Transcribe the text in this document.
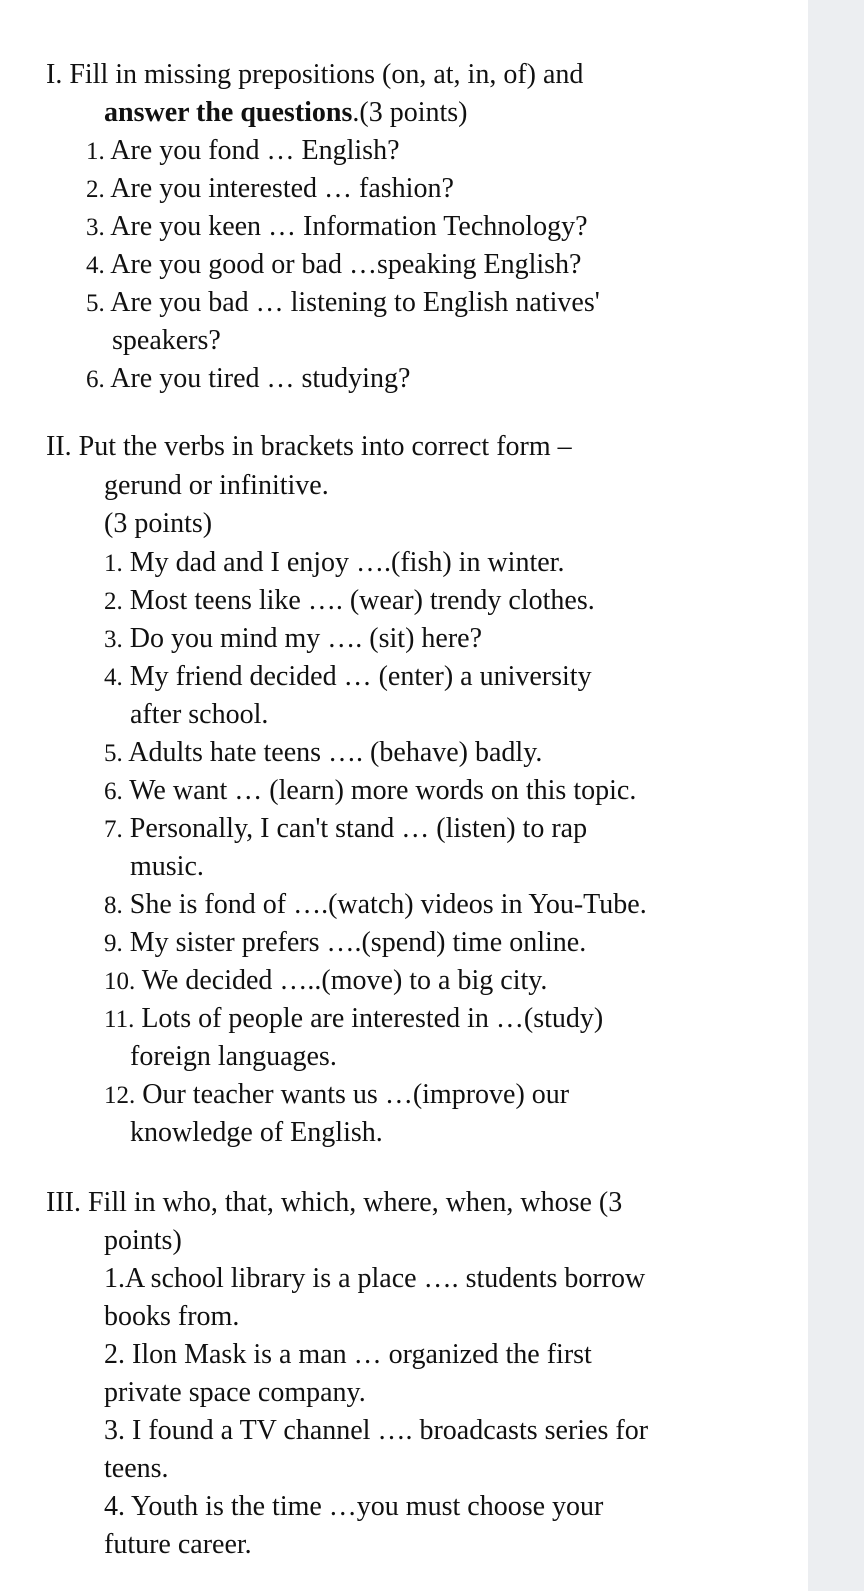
I. Fill in missing prepositions (on, at, in, of) and
answer the questions.(3 points)
1. Are you fond … English?
2. Are you interested … fashion?
3. Are you keen … Information Technology?
4. Are you good or bad …speaking English?
5. Are you bad … listening to English natives'
speakers?
6. Are you tired … studying?
II. Put the verbs in brackets into correct form –
gerund or infinitive.
(3 points)
1. My dad and I enjoy ….(fish) in winter.
2. Most teens like …. (wear) trendy clothes.
3. Do you mind my …. (sit) here?
4. My friend decided … (enter) a university
after school.
5. Adults hate teens …. (behave) badly.
6. We want … (learn) more words on this topic.
7. Personally, I can't stand … (listen) to rap
music.
8. She is fond of ….(watch) videos in You-Tube.
9. My sister prefers ….(spend) time online.
10. We decided …..(move) to a big city.
11. Lots of people are interested in …(study)
foreign languages.
12. Our teacher wants us …(improve) our
knowledge of English.
III. Fill in who, that, which, where, when, whose (3
points)
1.A school library is a place …. students borrow
books from.
2. Ilon Mask is a man … organized the first
private space company.
3. I found a TV channel …. broadcasts series for
teens.
4. Youth is the time …you must choose your
future career.
